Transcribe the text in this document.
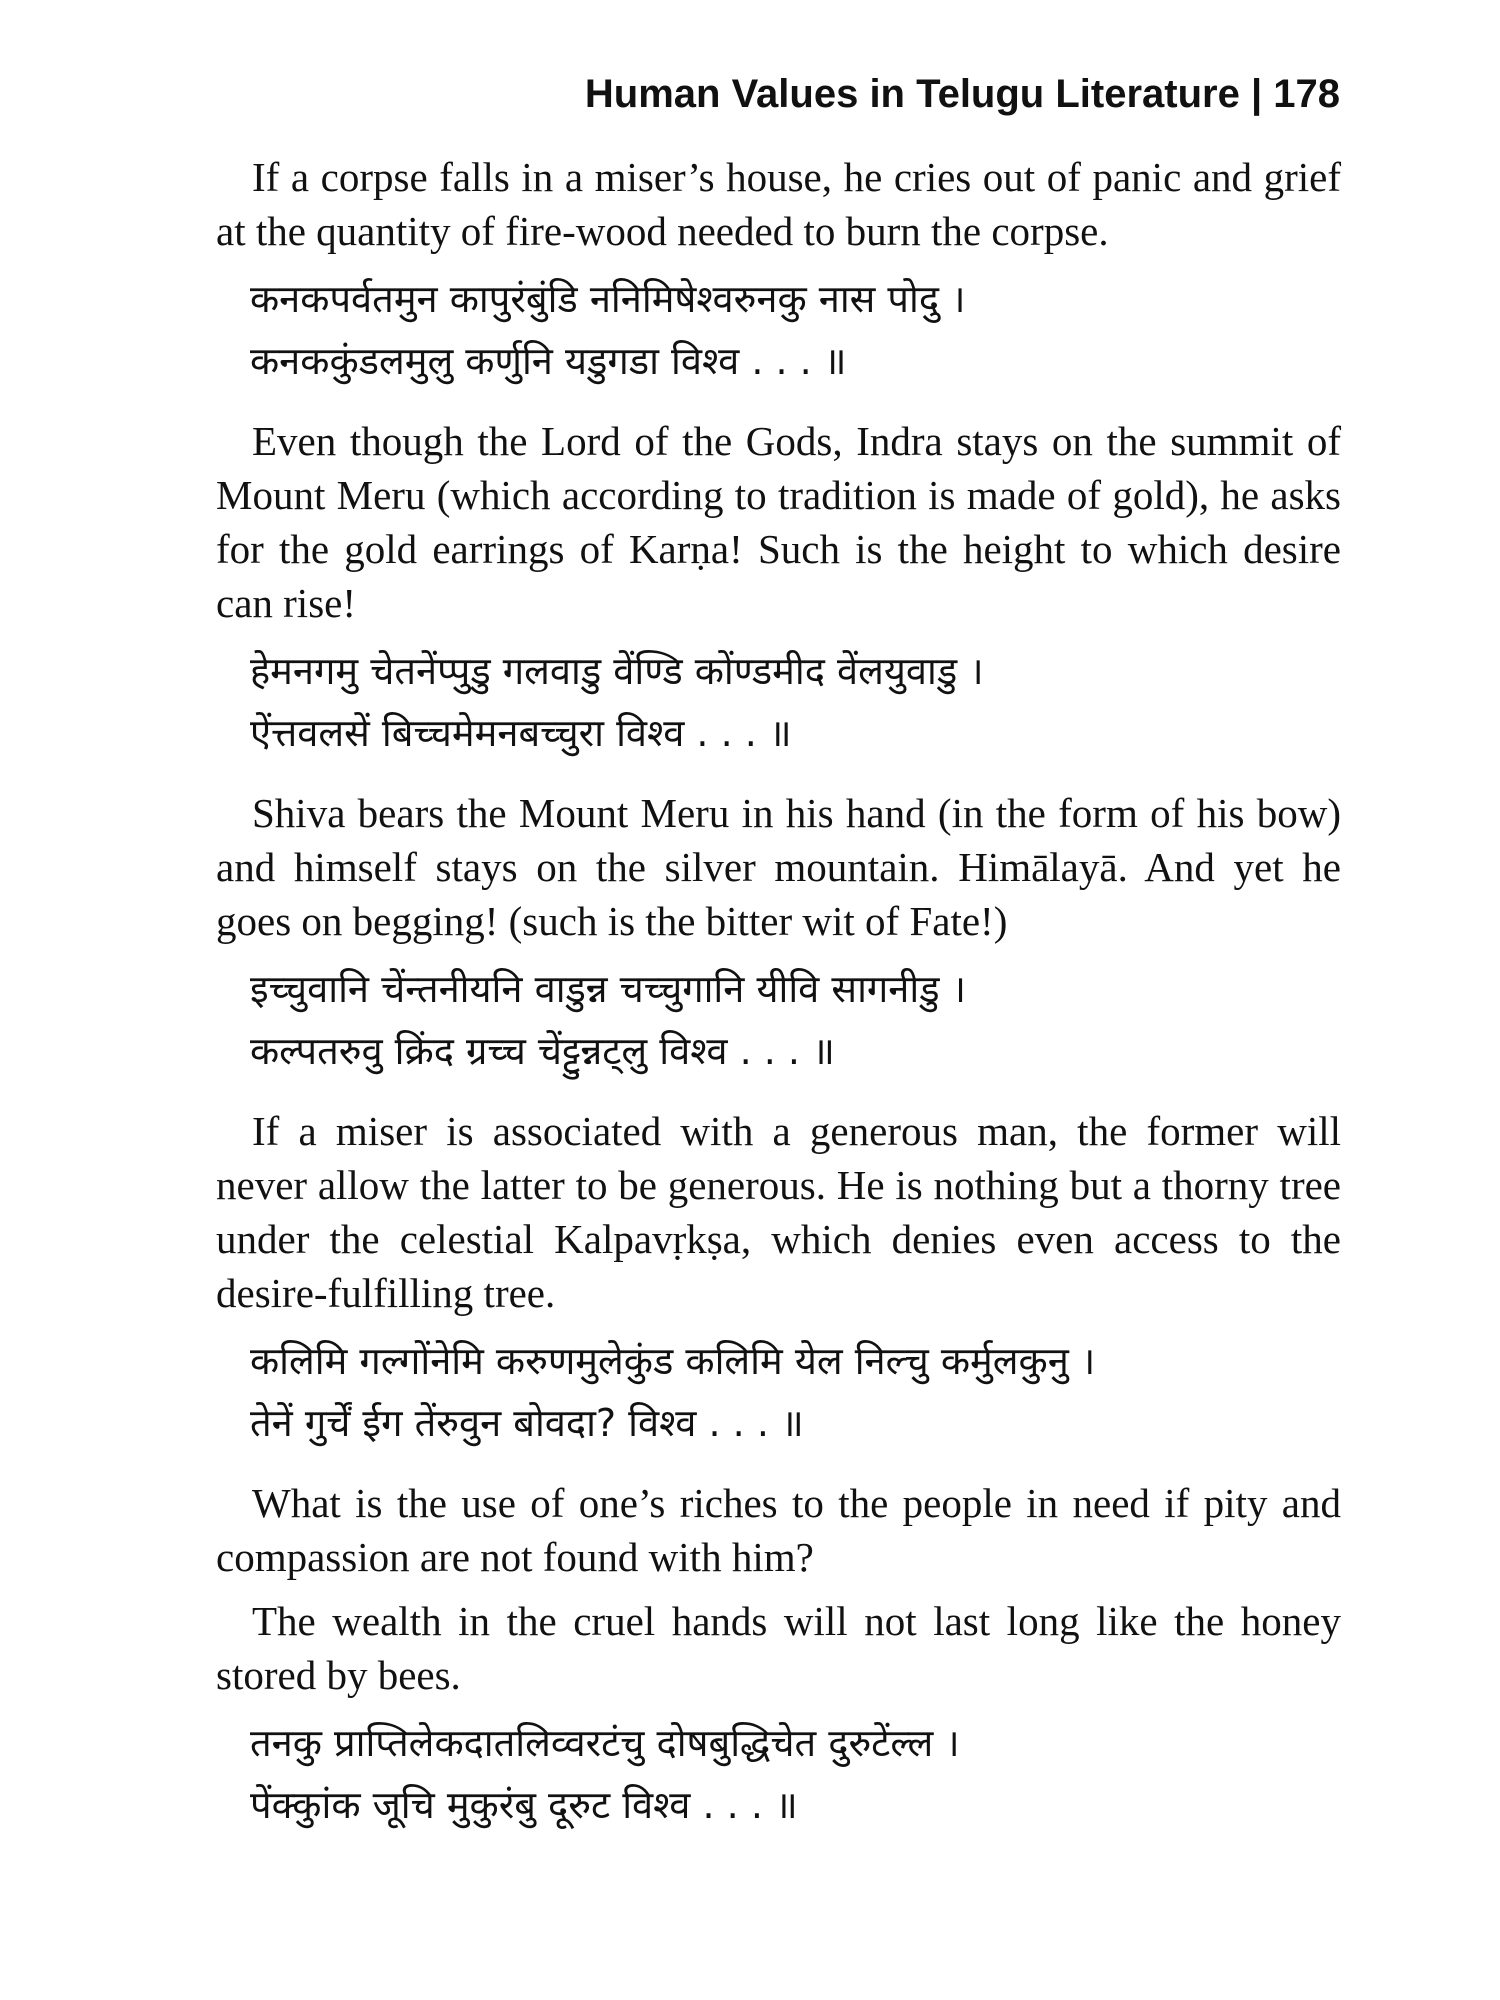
Human Values in Telugu Literature | 178

If a corpse falls in a miser’s house, he cries out of panic and grief at the quantity of fire-wood needed to burn the corpse.

कनकपर्वतमुन कापुरंबुंडि ननिमिषेश्वरुनकु नास पोदु ।
कनककुंडलमुलु कर्णुनि यडुगडा विश्व . . . ॥

Even though the Lord of the Gods, Indra stays on the summit of Mount Meru (which according to tradition is made of gold), he asks for the gold earrings of Karṇa! Such is the height to which desire can rise!

हेमनगमु चेतनेंप्पुडु गलवाडु वेंण्डि कोंण्डमीद वेंलयुवाडु ।
ऐंत्तवलसें बिच्चमेमनबच्चुरा विश्व . . . ॥

Shiva bears the Mount Meru in his hand (in the form of his bow) and himself stays on the silver mountain. Himālayā. And yet he goes on begging! (such is the bitter wit of Fate!)

इच्चुवानि चेंन्तनीयनि वाडुन्न चच्चुगानि यीवि सागनीडु ।
कल्पतरुवु क्रिंद ग्रच्च चेंट्टुन्नट्लु विश्व . . . ॥

If a miser is associated with a generous man, the former will never allow the latter to be generous. He is nothing but a thorny tree under the celestial Kalpavṛkṣa, which denies even access to the desire-fulfilling tree.

कलिमि गल्गोंनेमि करुणमुलेकुंड कलिमि येल निल्चु कर्मुलकुनु ।
तेनें गुर्चें ईग तेंरुवुन बोवदा? विश्व . . . ॥

What is the use of one’s riches to the people in need if pity and compassion are not found with him?

The wealth in the cruel hands will not last long like the honey stored by bees.

तनकु प्राप्तिलेकदातलिव्वरटंचु दोषबुद्धिचेत दुरुटेंल्ल ।
पेंक्कुांक जूचि मुकुरंबु दूरुट विश्व . . . ॥
